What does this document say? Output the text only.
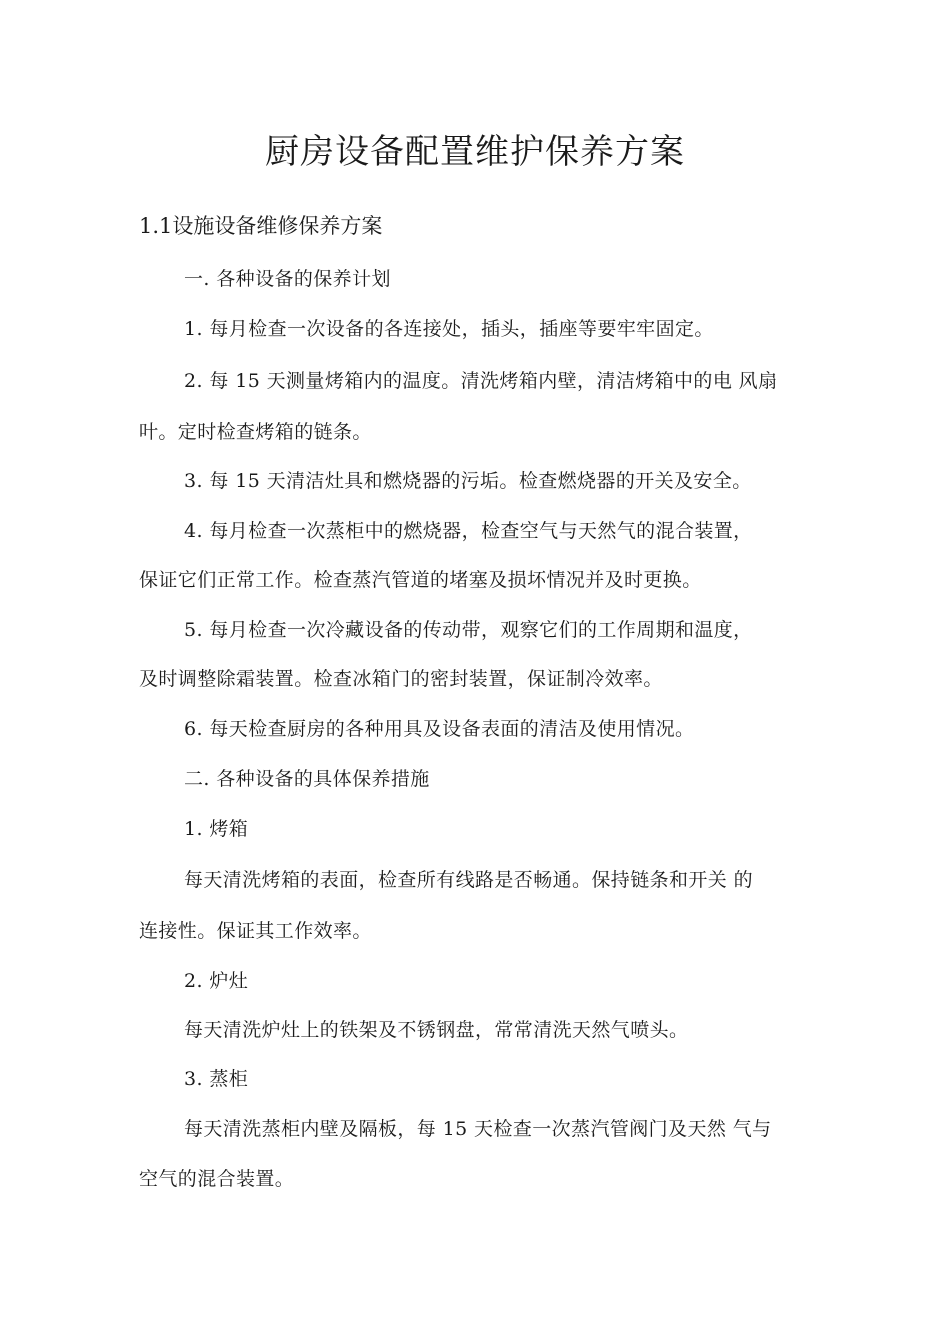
厨房设备配置维护保养方案
1.1设施设备维修保养方案
一. 各种设备的保养计划
1. 每月检查一次设备的各连接处，插头，插座等要牢牢固定。
2. 每 15 天测量烤箱内的温度。清洗烤箱内壁，清洁烤箱中的电 风扇
叶。定时检查烤箱的链条。
3. 每 15 天清洁灶具和燃烧器的污垢。检查燃烧器的开关及安全。
4. 每月检查一次蒸柜中的燃烧器，检查空气与天然气的混合装置，
保证它们正常工作。检查蒸汽管道的堵塞及损坏情况并及时更换。
5. 每月检查一次冷藏设备的传动带，观察它们的工作周期和温度，
及时调整除霜装置。检查冰箱门的密封装置，保证制冷效率。
6. 每天检查厨房的各种用具及设备表面的清洁及使用情况。
二. 各种设备的具体保养措施
1. 烤箱
每天清洗烤箱的表面，检查所有线路是否畅通。保持链条和开关 的
连接性。保证其工作效率。
2. 炉灶
每天清洗炉灶上的铁架及不锈钢盘，常常清洗天然气喷头。
3. 蒸柜
每天清洗蒸柜内壁及隔板，每 15 天检查一次蒸汽管阀门及天然 气与
空气的混合装置。
